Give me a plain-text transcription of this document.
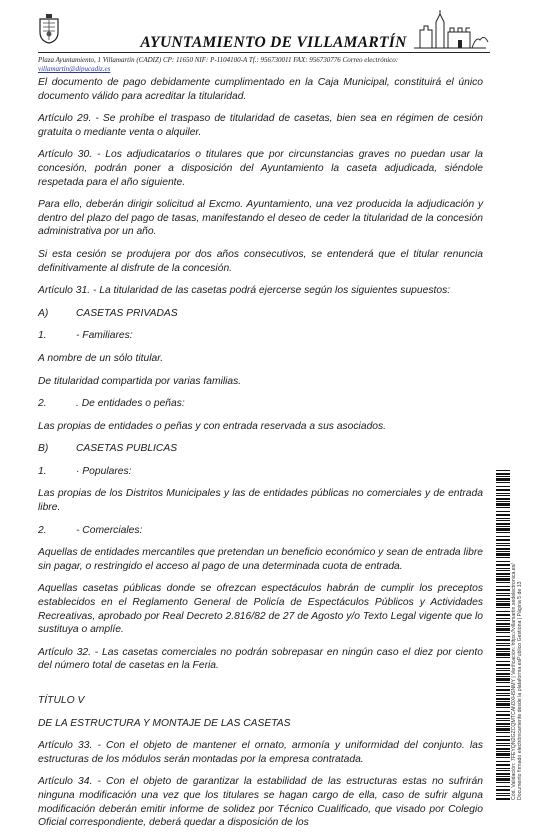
AYUNTAMIENTO DE VILLAMARTÍN
Plaza Ayuntamiento, 1 Villamartín (CADIZ) CP: 11650 NIF: P-1104100-A Tf.: 956730011 FAX: 956730776 Correo electrónico:
villamartin@dipucadiz.es

El documento de pago debidamente cumplimentado en la Caja Municipal, constituirá el único documento válido para acreditar la titularidad.

Artículo 29. - Se prohíbe el traspaso de titularidad de casetas, bien sea en régimen de cesión gratuita o mediante venta o alquiler.

Artículo 30. - Los adjudicatarios o titulares que por circunstancias graves no puedan usar la concesión, podrán poner a disposición del Ayuntamiento la caseta adjudicada, siéndole respetada para el año siguiente.

Para ello, deberán dirigir solicitud al Excmo. Ayuntamiento, una vez producida la adjudicación y dentro del plazo del pago de tasas, manifestando el deseo de ceder la titularidad de la concesión administrativa por un año.

Si esta cesión se produjera por dos años consecutivos, se entenderá que el titular renuncia definitivamente al disfrute de la concesión.

Artículo 31. - La titularidad de las casetas podrá ejercerse según los siguientes supuestos:

A)	CASETAS PRIVADAS

1.	- Familiares:

A nombre de un sólo titular.

De titularidad compartida por varias familias.

2.	. De entidades o peñas:

Las propias de entidades o peñas y con entrada reservada a sus asociados.

B)	CASETAS PUBLICAS

1.	· Populares:

Las propias de los Distritos Municipales y las de entidades públicas no comerciales y de entrada libre.

2.	- Comerciales:

Aquellas de entidades mercantiles que pretendan un beneficio económico y sean de entrada libre sin pagar, o restringido el acceso al pago de una determinada cuota de entrada.

Aquellas casetas públicas donde se ofrezcan espectáculos habrán de cumplir los preceptos establecidos en el Reglamento General de Policía de Espectáculos Públicos y Actividades Recreativas, aprobado por Real Decreto 2.816/82 de 27 de Agosto y/o Texto Legal vigente que lo sustituya o amplíe.

Artículo 32. - Las casetas comerciales no podrán sobrepasar en ningún caso el diez por ciento del número total de casetas en la Feria.

TÍTULO V

DE LA ESTRUCTURA Y MONTAJE DE LAS CASETAS

Artículo 33. - Con el objeto de mantener el ornato, armonía y uniformidad del conjunto. las estructuras de los módulos serán montadas por la empresa contratada.

Artículo 34. - Con el objeto de garantizar la estabilidad de las estructuras estas no sufrirán ninguna modificación una vez que los titulares se hagan cargo de ella, caso de sufrir alguna modificación deberán emitir informe de solidez por Técnico Cualificado, que visado por Colegio Oficial correspondiente, deberá quedar a disposición de los

Cód. Validación: 7FEYQN2GZCQMTCAN3XHSNMY | Verificación: https://villamartin.sedelectronica.es/ Documento firmado electrónicamente desde la plataforma esPublico Gestiona | Página 5 de 13
